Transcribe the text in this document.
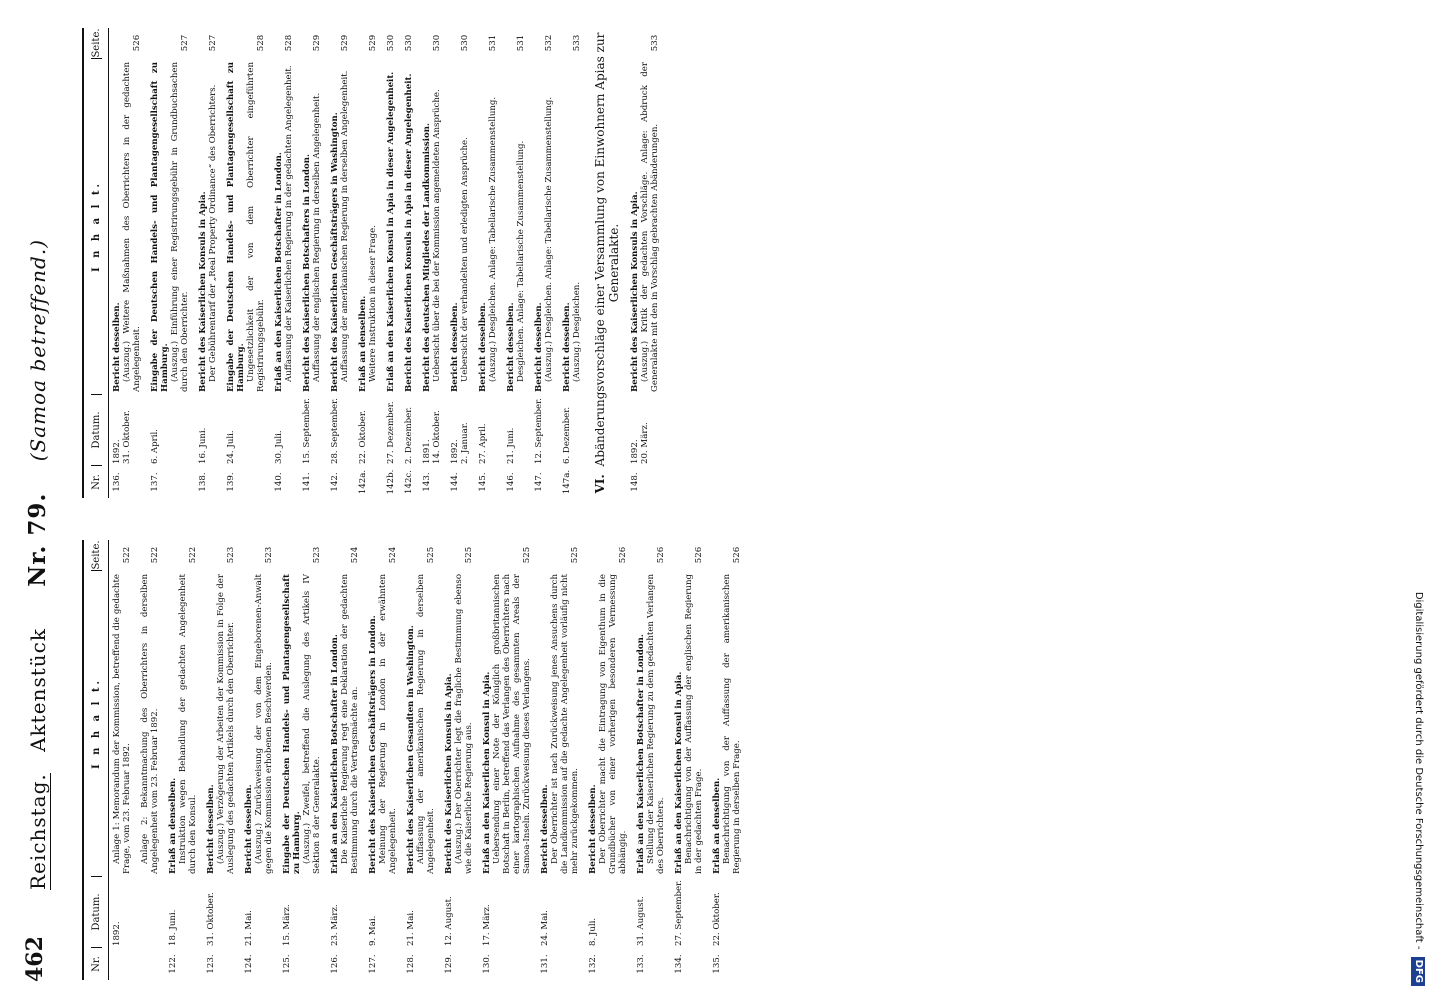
462
Reichstag. Aktenstück Nr. 79. (Samoa betreffend.)
Nr.
Datum.
I n h a l t.
Seite.
1892.
Anlage 1: Memorandum der Kommission, betreffend die gedachte Frage, vom 23. Februar 1892.
522
Anlage 2: Bekanntmachung des Oberrichters in derselben Angelegenheit vom 23. Februar 1892.
522
122.
18. Juni.
Erlaß an denselben. Instruktion wegen Behandlung der gedachten Angelegenheit durch den Konsul.
522
123.
31. Oktober.
Bericht desselben. (Auszug.) Verzögerung der Arbeiten der Kommission in Folge der Auslegung des gedachten Artikels durch den Oberrichter.
523
124.
21. Mai.
Bericht desselben. (Auszug.) Zurückweisung der von dem Eingeborenen-Anwalt gegen die Kommission erhobenen Beschwerden.
523
125.
15. März.
Eingabe der Deutschen Handels- und Plantagengesellschaft zu Hamburg. (Auszug.) Zweifel, betreffend die Auslegung des Artikels IV Sektion 8 der Generalakte.
523
126.
23. März.
Erlaß an den Kaiserlichen Botschafter in London. Die Kaiserliche Regierung regt eine Deklaration der gedachten Bestimmung durch die Vertragsmächte an.
524
127.
9. Mai.
Bericht des Kaiserlichen Geschäftsträgers in London. Meinung der Regierung in London in der erwähnten Angelegenheit.
524
128.
21. Mai.
Bericht des Kaiserlichen Gesandten in Washington. Auffassung der amerikanischen Regierung in derselben Angelegenheit.
525
129.
12. August.
Bericht des Kaiserlichen Konsuls in Apia. (Auszug.) Der Oberrichter legt die fragliche Bestimmung ebenso wie die Kaiserliche Regierung aus.
525
130.
17. März.
Erlaß an den Kaiserlichen Konsul in Apia. Uebersendung einer Note der Königlich großbritannischen Botschaft in Berlin, betreffend das Verlangen des Oberrichters nach einer kartographischen Aufnahme des gesammten Areals der Samoa-Inseln. Zurückweisung dieses Verlangens.
525
131.
24. Mai.
Bericht desselben. Der Oberrichter ist nach Zurückweisung jenes Ansuchens durch die Landkommission auf die gedachte Angelegenheit vorläufig nicht mehr zurückgekommen.
525
132.
8. Juli.
Bericht desselben. Der Oberrichter macht die Eintragung von Eigenthum in die Grundbücher von einer vorherigen besonderen Vermessung abhängig.
526
133.
31. August.
Erlaß an den Kaiserlichen Botschafter in London. Stellung der Kaiserlichen Regierung zu dem gedachten Verlangen des Oberrichters.
526
134.
27. September.
Erlaß an den Kaiserlichen Konsul in Apia. Benachrichtigung von der Auffassung der englischen Regierung in der gedachten Frage.
526
135.
22. Oktober.
Erlaß an denselben. Benachrichtigung von der Auffassung der amerikanischen Regierung in derselben Frage.
526
Nr.
Datum.
I n h a l t.
Seite.
136.
1892. 31. Oktober.
Bericht desselben. (Auszug.) Weitere Maßnahmen des Oberrichters in der gedachten Angelegenheit.
526
137.
6. April.
Eingabe der Deutschen Handels- und Plantagengesellschaft zu Hamburg. (Auszug.) Einführung einer Registrirungsgebühr in Grundbuchsachen durch den Oberrichter.
527
138.
16. Juni.
Bericht des Kaiserlichen Konsuls in Apia. Der Gebührentarif der „Real Property Ordinance“ des Oberrichters.
527
139.
24. Juli.
Eingabe der Deutschen Handels- und Plantagengesellschaft zu Hamburg. Ungesetzlichkeit der von dem Oberrichter eingeführten Registrirungsgebühr.
528
140.
30. Juli.
Erlaß an den Kaiserlichen Botschafter in London. Auffassung der Kaiserlichen Regierung in der gedachten Angelegenheit.
528
141.
15. September.
Bericht des Kaiserlichen Botschafters in London. Auffassung der englischen Regierung in derselben Angelegenheit.
529
142.
28. September.
Bericht des Kaiserlichen Geschäftsträgers in Washington. Auffassung der amerikanischen Regierung in derselben Angelegenheit.
529
142a.
22. Oktober.
Erlaß an denselben. Weitere Instruktion in dieser Frage.
529
142b.
27. Dezember.
Erlaß an den Kaiserlichen Konsul in Apia in dieser Angelegenheit.
530
142c.
2. Dezember.
Bericht des Kaiserlichen Konsuls in Apia in dieser Angelegenheit.
530
143.
1891. 14. Oktober.
Bericht des deutschen Mitgliedes der Landkommission. Uebersicht über die bei der Kommission angemeldeten Ansprüche.
530
144.
1892. 2. Januar.
Bericht desselben. Uebersicht der verhandelten und erledigten Ansprüche.
530
145.
27. April.
Bericht desselben. (Auszug.) Desgleichen. Anlage: Tabellarische Zusammenstellung.
531
146.
21. Juni.
Bericht desselben. Desgleichen. Anlage: Tabellarische Zusammenstellung.
531
147.
12. September.
Bericht desselben. (Auszug.) Desgleichen. Anlage: Tabellarische Zusammenstellung.
532
147a.
6. Dezember.
Bericht desselben. (Auszug.) Desgleichen.
533
VI. Abänderungsvorschläge einer Versammlung von Einwohnern Apias zur Generalakte.
148.
1892. 20. März.
Bericht des Kaiserlichen Konsuls in Apia. (Auszug.) Kritik der gedachten Vorschläge. Anlage: Abdruck der Generalakte mit den in Vorschlag gebrachten Abänderungen.
533
Digitalisierung gefördert durch die Deutsche Forschungsgemeinschaft - DFG
